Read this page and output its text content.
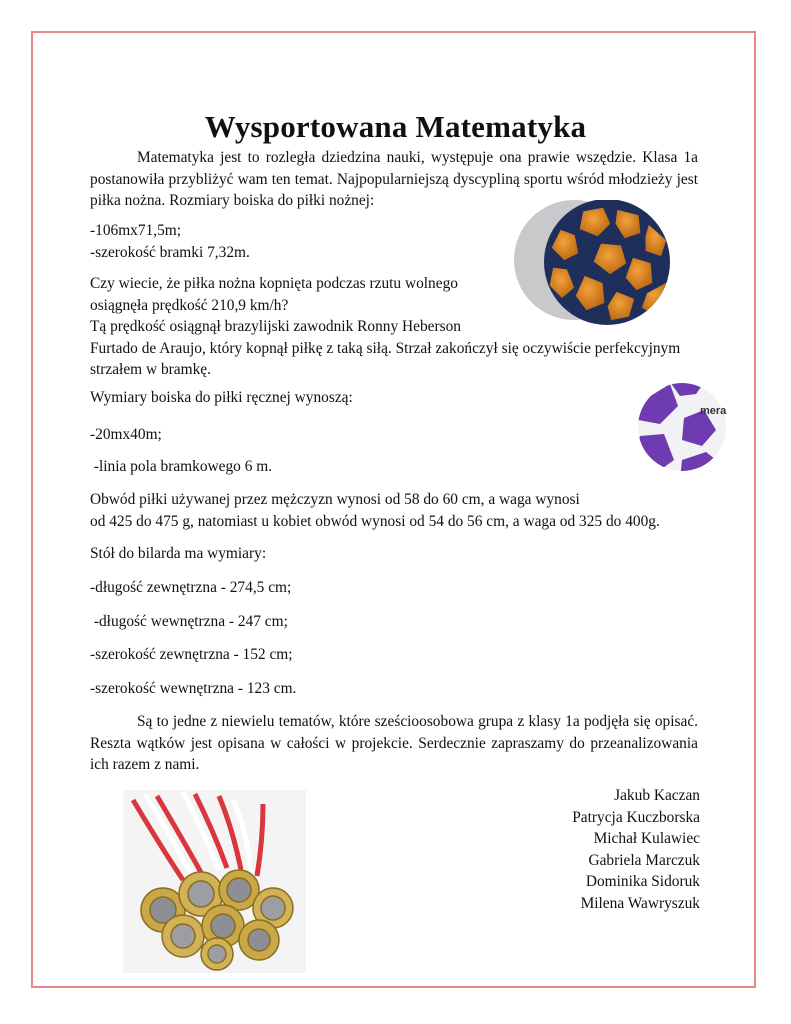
Wysportowana Matematyka
Matematyka jest to rozległa dziedzina nauki, występuje ona prawie wszędzie. Klasa 1a postanowiła przybliżyć wam ten temat. Najpopularniejszą dyscypliną sportu wśród młodzieży jest piłka nożna. Rozmiary boiska do piłki nożnej:
-106mx71,5m;
-szerokość bramki 7,32m.
Czy wiecie, że piłka nożna kopnięta podczas rzutu wolnego
osiągnęła prędkość 210,9 km/h?
Tą prędkość osiągnął brazylijski zawodnik Ronny Heberson
Furtado de Araujo, który kopnął piłkę z taką siłą. Strzał zakończył się oczywiście perfekcyjnym
strzałem w bramkę.
Wymiary boiska do piłki ręcznej wynoszą:
-20mx40m;
-linia pola bramkowego 6 m.
Obwód piłki używanej przez mężczyzn wynosi od 58 do 60 cm, a waga wynosi
od 425 do 475 g, natomiast u kobiet obwód wynosi od 54 do 56 cm, a waga od 325 do 400g.
Stół do bilarda ma wymiary:
-długość zewnętrzna - 274,5 cm;
-długość wewnętrzna - 247 cm;
-szerokość zewnętrzna - 152 cm;
-szerokość wewnętrzna - 123 cm.
Są to jedne z niewielu tematów, które sześcioosobowa grupa z klasy 1a podjęła się opisać. Reszta wątków jest opisana w całości w projekcie. Serdecznie zapraszamy do przeanalizowania ich razem z nami.
Jakub Kaczan
Patrycja Kuczborska
Michał Kulawiec
Gabriela Marczuk
Dominika Sidoruk
Milena Wawryszuk
mera
